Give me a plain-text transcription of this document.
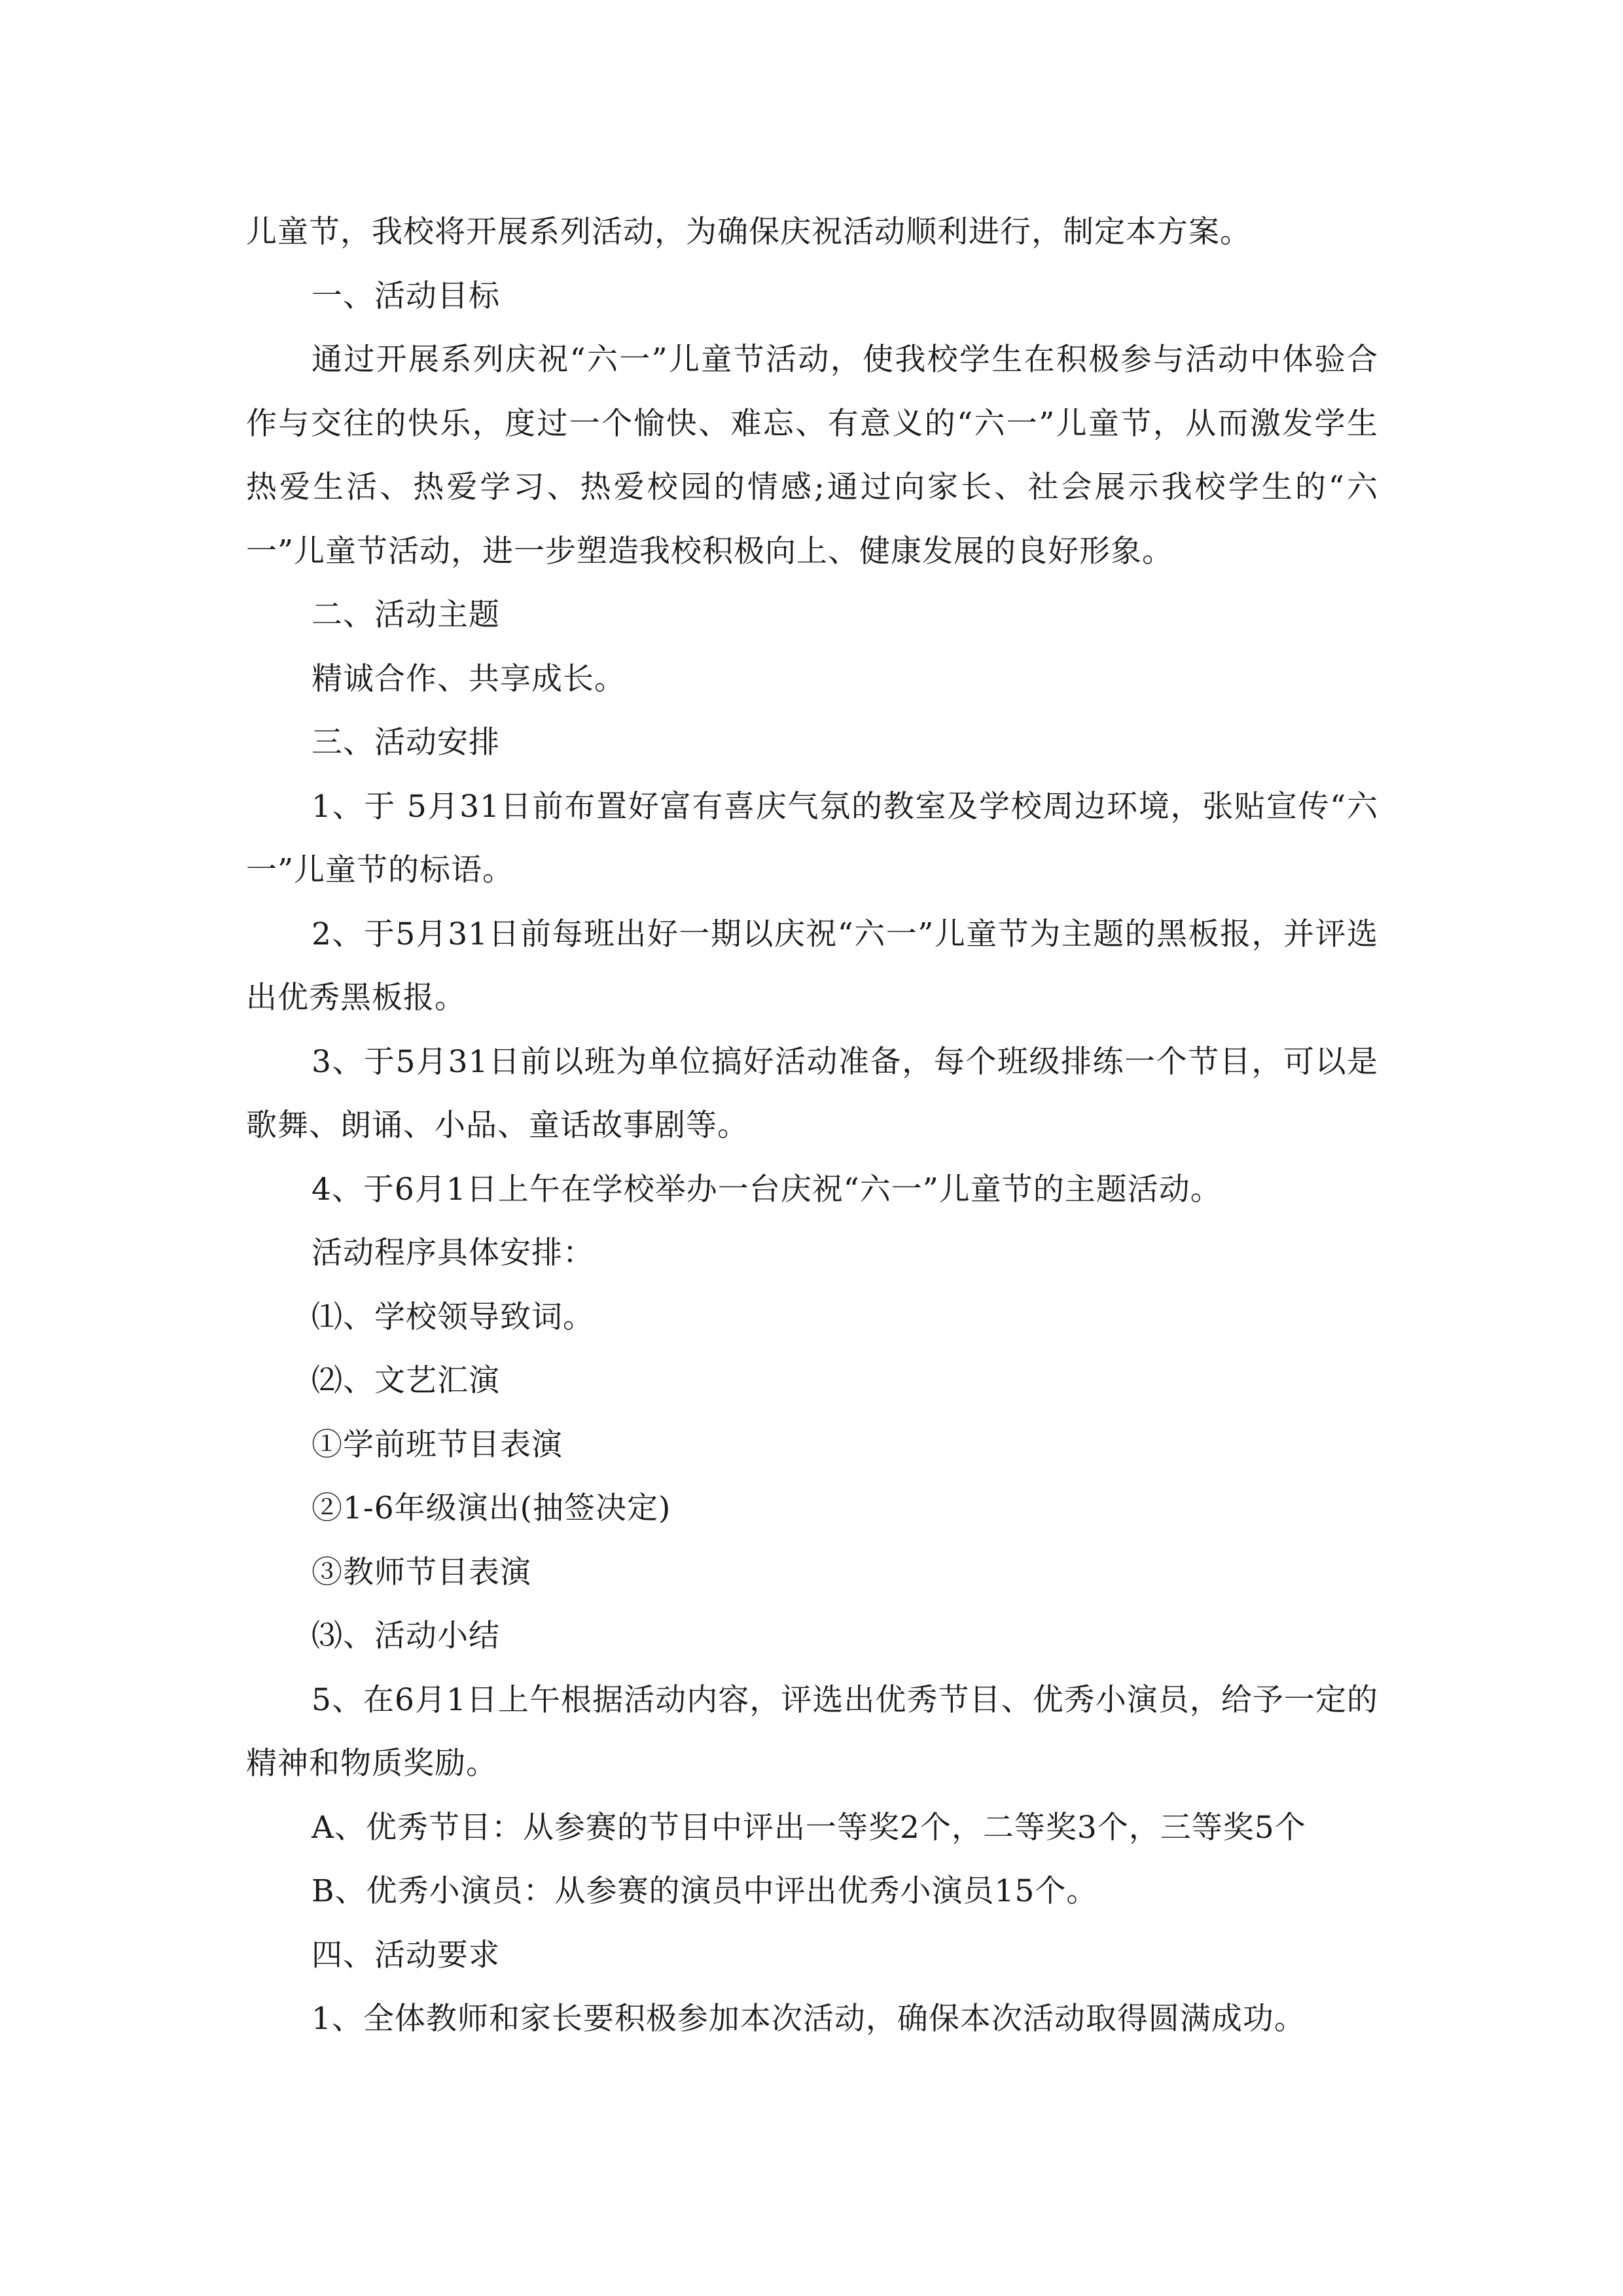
儿童节，我校将开展系列活动，为确保庆祝活动顺利进行，制定本方案。

一、活动目标

通过开展系列庆祝“六一”儿童节活动，使我校学生在积极参与活动中体验合作与交往的快乐，度过一个愉快、难忘、有意义的“六一”儿童节，从而激发学生热爱生活、热爱学习、热爱校园的情感;通过向家长、社会展示我校学生的“六一”儿童节活动，进一步塑造我校积极向上、健康发展的良好形象。

二、活动主题

精诚合作、共享成长。

三、活动安排

1、于 5月31日前布置好富有喜庆气氛的教室及学校周边环境，张贴宣传“六一”儿童节的标语。

2、于5月31日前每班出好一期以庆祝“六一”儿童节为主题的黑板报，并评选出优秀黑板报。

3、于5月31日前以班为单位搞好活动准备，每个班级排练一个节目，可以是歌舞、朗诵、小品、童话故事剧等。

4、于6月1日上午在学校举办一台庆祝“六一”儿童节的主题活动。

活动程序具体安排：

⑴、学校领导致词。

⑵、文艺汇演

①学前班节目表演

②1-6年级演出(抽签决定)

③教师节目表演

⑶、活动小结

5、在6月1日上午根据活动内容，评选出优秀节目、优秀小演员，给予一定的精神和物质奖励。

A、优秀节目：从参赛的节目中评出一等奖2个，二等奖3个，三等奖5个

B、优秀小演员：从参赛的演员中评出优秀小演员15个。

四、活动要求

1、全体教师和家长要积极参加本次活动，确保本次活动取得圆满成功。
